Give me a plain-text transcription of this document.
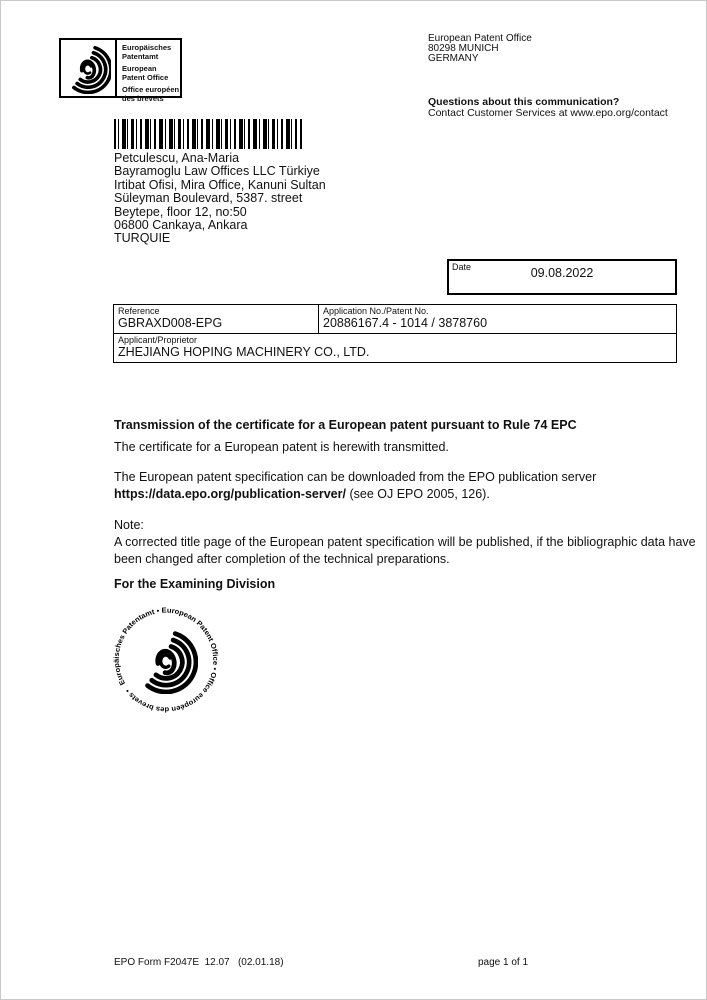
Europäisches
Patentamt
European
Patent Office
Office européen
des brevets
European Patent Office
80298 MUNICH
GERMANY
Questions about this communication?
Contact Customer Services at www.epo.org/contact
Petculescu, Ana-Maria
Bayramoglu Law Offices LLC Türkiye
Irtibat Ofisi, Mira Office, Kanuni Sultan
Süleyman Boulevard, 5387. street
Beytepe, floor 12, no:50
06800 Cankaya, Ankara
TURQUIE
Date	09.08.2022
Reference
GBRAXD008-EPG
Application No./Patent No.
20886167.4 - 1014 / 3878760
Applicant/Proprietor
ZHEJIANG HOPING MACHINERY CO., LTD.
Transmission of the certificate for a European patent pursuant to Rule 74 EPC
The certificate for a European patent is herewith transmitted.
The European patent specification can be downloaded from the EPO publication server
https://data.epo.org/publication-server/ (see OJ EPO 2005, 126).
Note:
A corrected title page of the European patent specification will be published, if the bibliographic data have been changed after completion of the technical preparations.
For the Examining Division
Europäisches Patentamt • European Patent Office • Office européen des brevets •
EPO Form F2047E  12.07   (02.01.18)	page 1 of 1
